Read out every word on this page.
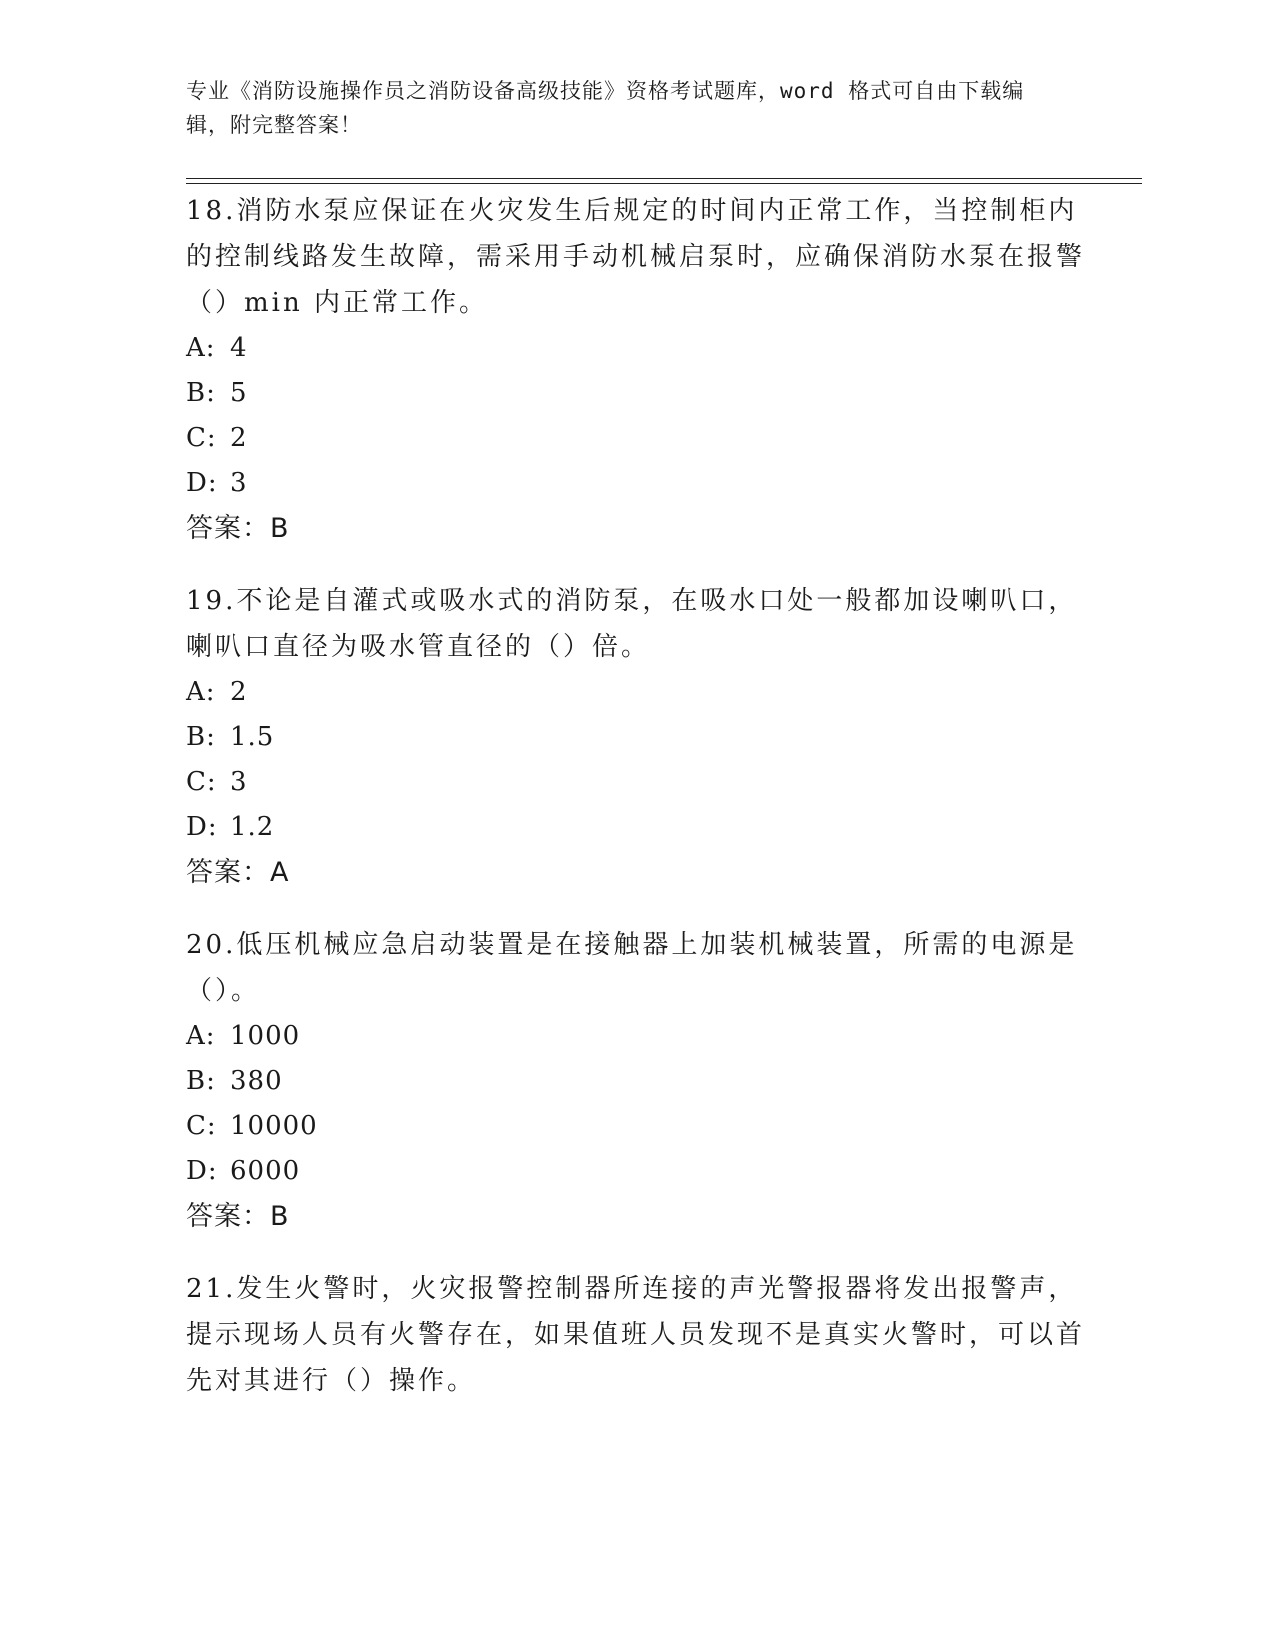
专业《消防设施操作员之消防设备高级技能》资格考试题库，word 格式可自由下载编辑，附完整答案！

18.消防水泵应保证在火灾发生后规定的时间内正常工作，当控制柜内的控制线路发生故障，需采用手动机械启泵时，应确保消防水泵在报警（）min 内正常工作。

A: 4

B: 5

C: 2

D: 3

答案：B

19.不论是自灌式或吸水式的消防泵，在吸水口处一般都加设喇叭口，喇叭口直径为吸水管直径的（）倍。

A: 2

B: 1.5

C: 3

D: 1.2

答案：A

20.低压机械应急启动装置是在接触器上加装机械装置，所需的电源是（）。

A: 1000

B: 380

C: 10000

D: 6000

答案：B

21.发生火警时，火灾报警控制器所连接的声光警报器将发出报警声，提示现场人员有火警存在，如果值班人员发现不是真实火警时，可以首先对其进行（）操作。
